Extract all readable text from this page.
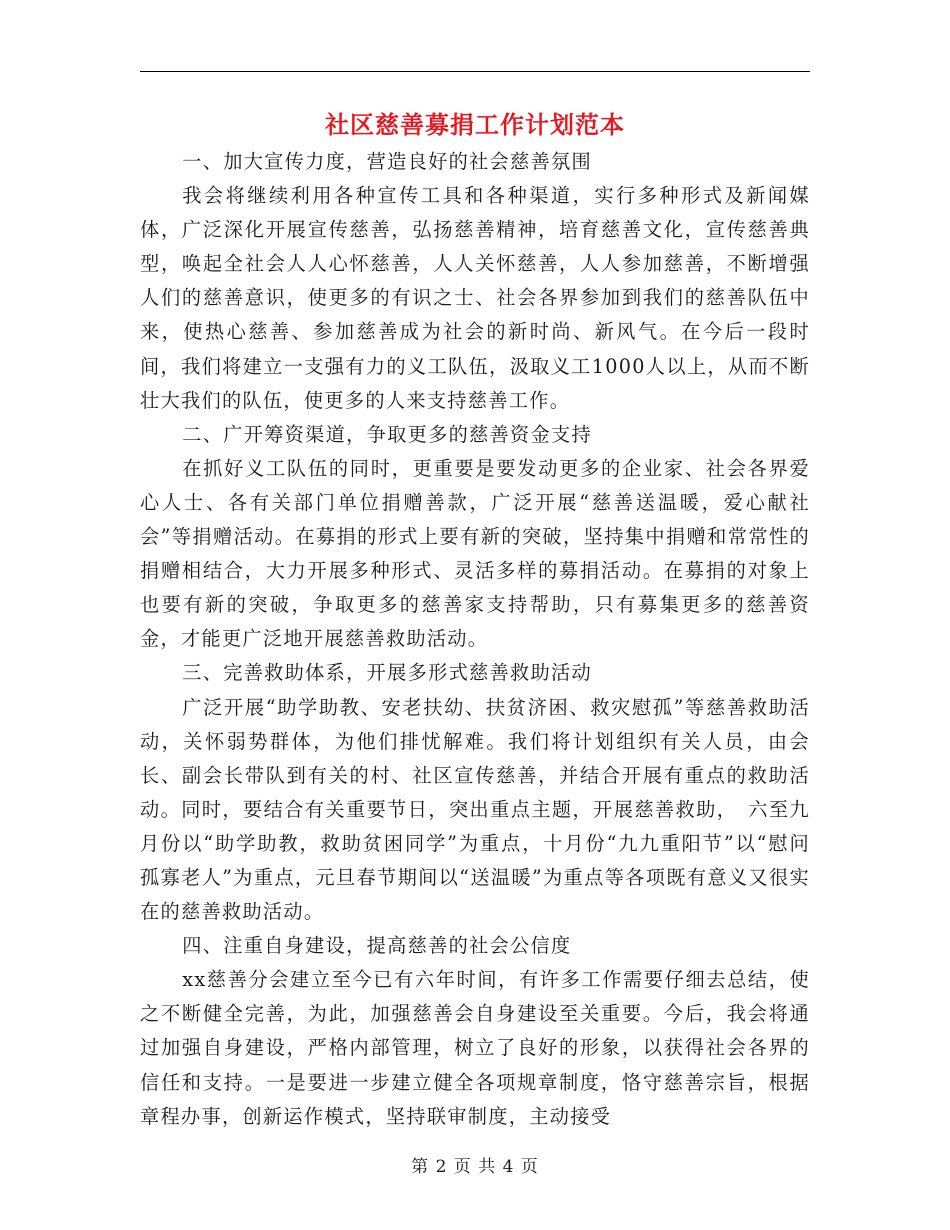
社区慈善募捐工作计划范本

一、加大宣传力度，营造良好的社会慈善氛围

我会将继续利用各种宣传工具和各种渠道，实行多种形式及新闻媒体，广泛深化开展宣传慈善，弘扬慈善精神，培育慈善文化，宣传慈善典型，唤起全社会人人心怀慈善，人人关怀慈善，人人参加慈善，不断增强人们的慈善意识，使更多的有识之士、社会各界参加到我们的慈善队伍中来，使热心慈善、参加慈善成为社会的新时尚、新风气。在今后一段时间，我们将建立一支强有力的义工队伍，汲取义工1000人以上，从而不断壮大我们的队伍，使更多的人来支持慈善工作。

二、广开筹资渠道，争取更多的慈善资金支持

在抓好义工队伍的同时，更重要是要发动更多的企业家、社会各界爱心人士、各有关部门单位捐赠善款，广泛开展“慈善送温暖，爱心献社会”等捐赠活动。在募捐的形式上要有新的突破，坚持集中捐赠和常常性的捐赠相结合，大力开展多种形式、灵活多样的募捐活动。在募捐的对象上也要有新的突破，争取更多的慈善家支持帮助，只有募集更多的慈善资金，才能更广泛地开展慈善救助活动。

三、完善救助体系，开展多形式慈善救助活动

广泛开展“助学助教、安老扶幼、扶贫济困、救灾慰孤”等慈善救助活动，关怀弱势群体，为他们排忧解难。我们将计划组织有关人员，由会长、副会长带队到有关的村、社区宣传慈善，并结合开展有重点的救助活动。同时，要结合有关重要节日，突出重点主题，开展慈善救助，　六至九月份以“助学助教，救助贫困同学”为重点，十月份“九九重阳节”以“慰问孤寡老人”为重点，元旦春节期间以“送温暖”为重点等各项既有意义又很实在的慈善救助活动。

四、注重自身建设，提高慈善的社会公信度

xx慈善分会建立至今已有六年时间，有许多工作需要仔细去总结，使之不断健全完善，为此，加强慈善会自身建设至关重要。今后，我会将通过加强自身建设，严格内部管理，树立了良好的形象，以获得社会各界的信任和支持。一是要进一步建立健全各项规章制度，恪守慈善宗旨，根据章程办事，创新运作模式，坚持联审制度，主动接受

第 2 页 共 4 页
